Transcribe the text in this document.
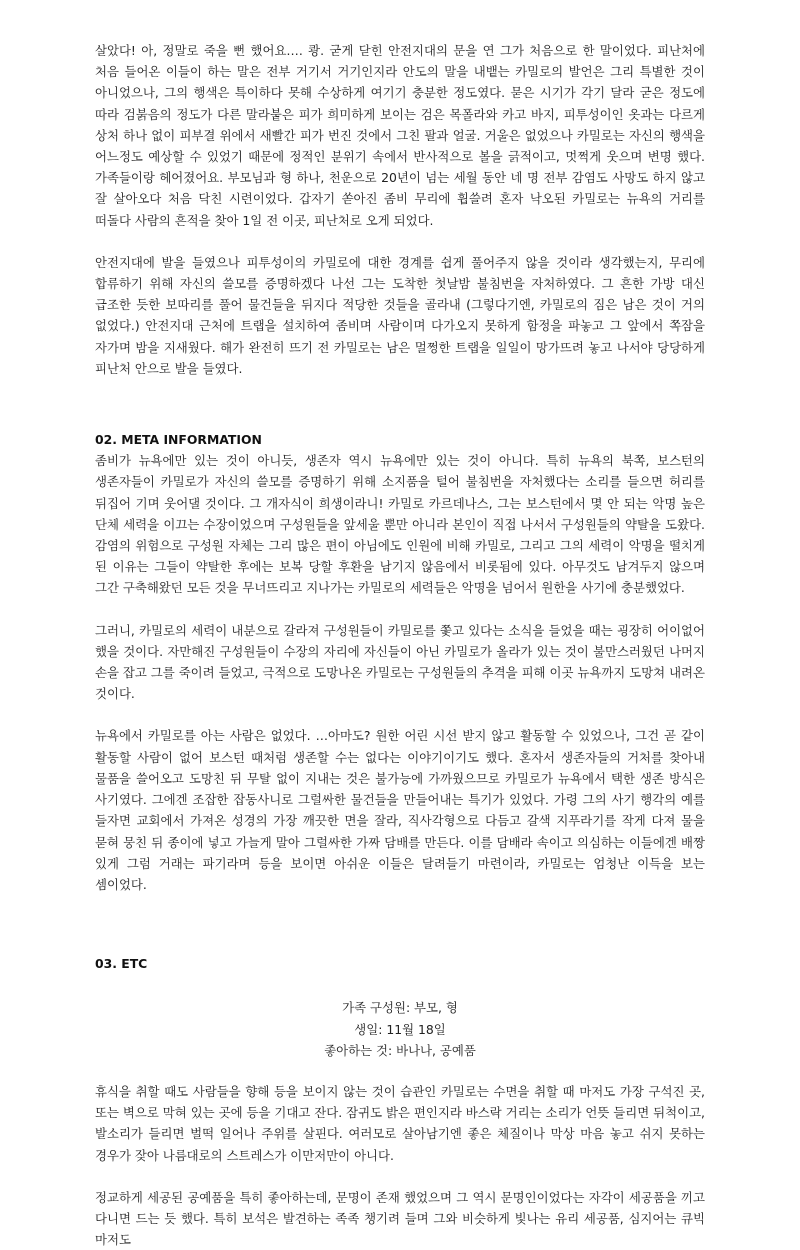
살았다! 아, 정말로 죽을 뻔 했어요…. 쾅. 굳게 닫힌 안전지대의 문을 연 그가 처음으로 한 말이었다. 피난처에 처음 들어온 이들이 하는 말은 전부 거기서 거기인지라 안도의 말을 내뱉는 카밀로의 발언은 그리 특별한 것이 아니었으나, 그의 행색은 특이하다 못해 수상하게 여기기 충분한 정도였다. 묻은 시기가 각기 달라 굳은 정도에 따라 검붉음의 정도가 다른 말라붙은 피가 희미하게 보이는 검은 목폴라와 카고 바지, 피투성이인 옷과는 다르게 상처 하나 없이 피부결 위에서 새빨간 피가 번진 것에서 그친 팔과 얼굴. 거울은 없었으나 카밀로는 자신의 행색을 어느정도 예상할 수 있었기 때문에 정적인 분위기 속에서 반사적으로 볼을 긁적이고, 멋쩍게 웃으며 변명 했다. 가족들이랑 헤어졌어요. 부모님과 형 하나, 천운으로 20년이 넘는 세월 동안 네 명 전부 감염도 사망도 하지 않고 잘 살아오다 처음 닥친 시련이었다. 갑자기 쏟아진 좀비 무리에 휩쓸려 혼자 낙오된 카밀로는 뉴욕의 거리를 떠돌다 사람의 흔적을 찾아 1일 전 이곳, 피난처로 오게 되었다.

안전지대에 발을 들였으나 피투성이의 카밀로에 대한 경계를 쉽게 풀어주지 않을 것이라 생각했는지, 무리에 합류하기 위해 자신의 쓸모를 증명하겠다 나선 그는 도착한 첫날밤 불침번을 자처하였다. 그 흔한 가방 대신 급조한 듯한 보따리를 풀어 물건들을 뒤지다 적당한 것들을 골라내 (그렇다기엔, 카밀로의 짐은 남은 것이 거의 없었다.) 안전지대 근처에 트랩을 설치하여 좀비며 사람이며 다가오지 못하게 함정을 파놓고 그 앞에서 쪽잠을 자가며 밤을 지새웠다. 해가 완전히 뜨기 전 카밀로는 남은 멀쩡한 트랩을 일일이 망가뜨려 놓고 나서야 당당하게 피난처 안으로 발을 들였다.

02. META INFORMATION

좀비가 뉴욕에만 있는 것이 아니듯, 생존자 역시 뉴욕에만 있는 것이 아니다. 특히 뉴욕의 북쪽, 보스턴의 생존자들이 카밀로가 자신의 쓸모를 증명하기 위해 소지품을 털어 불침번을 자처했다는 소리를 들으면 허리를 뒤집어 기며 웃어댈 것이다. 그 개자식이 희생이라니! 카밀로 카르데나스, 그는 보스턴에서 몇 안 되는 악명 높은 단체 세력을 이끄는 수장이었으며 구성원들을 앞세울 뿐만 아니라 본인이 직접 나서서 구성원들의 약탈을 도왔다. 감염의 위험으로 구성원 자체는 그리 많은 편이 아님에도 인원에 비해 카밀로, 그리고 그의 세력이 악명을 떨치게 된 이유는 그들이 약탈한 후에는 보복 당할 후환을 남기지 않음에서 비롯됨에 있다. 아무것도 남겨두지 않으며 그간 구축해왔던 모든 것을 무너뜨리고 지나가는 카밀로의 세력들은 악명을 넘어서 원한을 사기에 충분했었다.

그러니, 카밀로의 세력이 내분으로 갈라져 구성원들이 카밀로를 쫓고 있다는 소식을 들었을 때는 굉장히 어이없어 했을 것이다. 자만해진 구성원들이 수장의 자리에 자신들이 아닌 카밀로가 올라가 있는 것이 불만스러웠던 나머지 손을 잡고 그를 죽이려 들었고, 극적으로 도망나온 카밀로는 구성원들의 추격을 피해 이곳 뉴욕까지 도망쳐 내려온 것이다.

뉴욕에서 카밀로를 아는 사람은 없었다. …아마도? 원한 어린 시선 받지 않고 활동할 수 있었으나, 그건 곧 같이 활동할 사람이 없어 보스턴 때처럼 생존할 수는 없다는 이야기이기도 했다. 혼자서 생존자들의 거처를 찾아내 물품을 쓸어오고 도망친 뒤 무탈 없이 지내는 것은 불가능에 가까웠으므로 카밀로가 뉴욕에서 택한 생존 방식은 사기였다. 그에겐 조잡한 잡동사니로 그럴싸한 물건들을 만들어내는 특기가 있었다. 가령 그의 사기 행각의 예를 들자면 교회에서 가져온 성경의 가장 깨끗한 면을 잘라, 직사각형으로 다듬고 갈색 지푸라기를 작게 다져 물을 묻혀 뭉친 뒤 종이에 넣고 가늘게 말아 그럴싸한 가짜 담배를 만든다. 이를 담배라 속이고 의심하는 이들에겐 배짱 있게 그럼 거래는 파기라며 등을 보이면 아쉬운 이들은 달려들기 마련이라, 카밀로는 엄청난 이득을 보는 셈이었다.

03. ETC
가족 구성원: 부모, 형
생일: 11월 18일
좋아하는 것: 바나나, 공예품

휴식을 취할 때도 사람들을 향해 등을 보이지 않는 것이 습관인 카밀로는 수면을 취할 때 마저도 가장 구석진 곳, 또는 벽으로 막혀 있는 곳에 등을 기대고 잔다. 잠귀도 밝은 편인지라 바스락 거리는 소리가 언뜻 들리면 뒤척이고, 발소리가 들리면 벌떡 일어나 주위를 살핀다. 여러모로 살아남기엔 좋은 체질이나 막상 마음 놓고 쉬지 못하는 경우가 잦아 나름대로의 스트레스가 이만저만이 아니다.

정교하게 세공된 공예품을 특히 좋아하는데, 문명이 존재 했었으며 그 역시 문명인이었다는 자각이 세공품을 끼고 다니면 드는 듯 했다. 특히 보석은 발견하는 족족 챙기려 들며 그와 비슷하게 빛나는 유리 세공품, 심지어는 큐빅 마저도
